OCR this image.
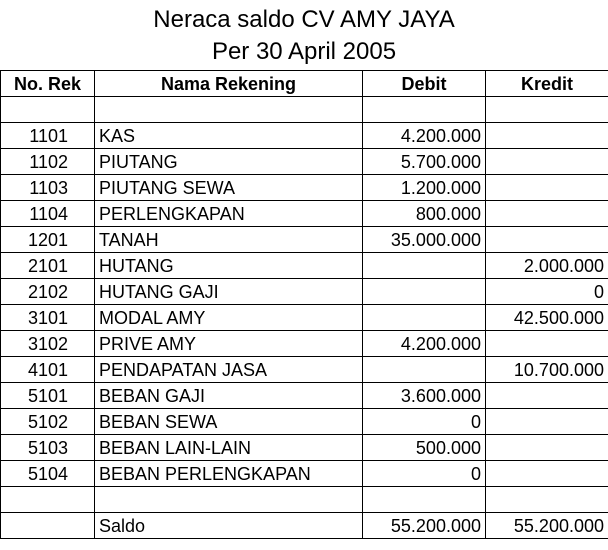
Neraca saldo CV AMY JAYA
Per 30 April 2005
No. Rek	Nama Rekening	Debit	Kredit

1101	KAS	4.200.000	
1102	PIUTANG	5.700.000	
1103	PIUTANG SEWA	1.200.000	
1104	PERLENGKAPAN	800.000	
1201	TANAH	35.000.000	
2101	HUTANG		2.000.000
2102	HUTANG GAJI		0
3101	MODAL AMY		42.500.000
3102	PRIVE AMY	4.200.000	
4101	PENDAPATAN JASA		10.700.000
5101	BEBAN GAJI	3.600.000	
5102	BEBAN SEWA	0	
5103	BEBAN LAIN-LAIN	500.000	
5104	BEBAN PERLENGKAPAN	0	

	Saldo	55.200.000	55.200.000
